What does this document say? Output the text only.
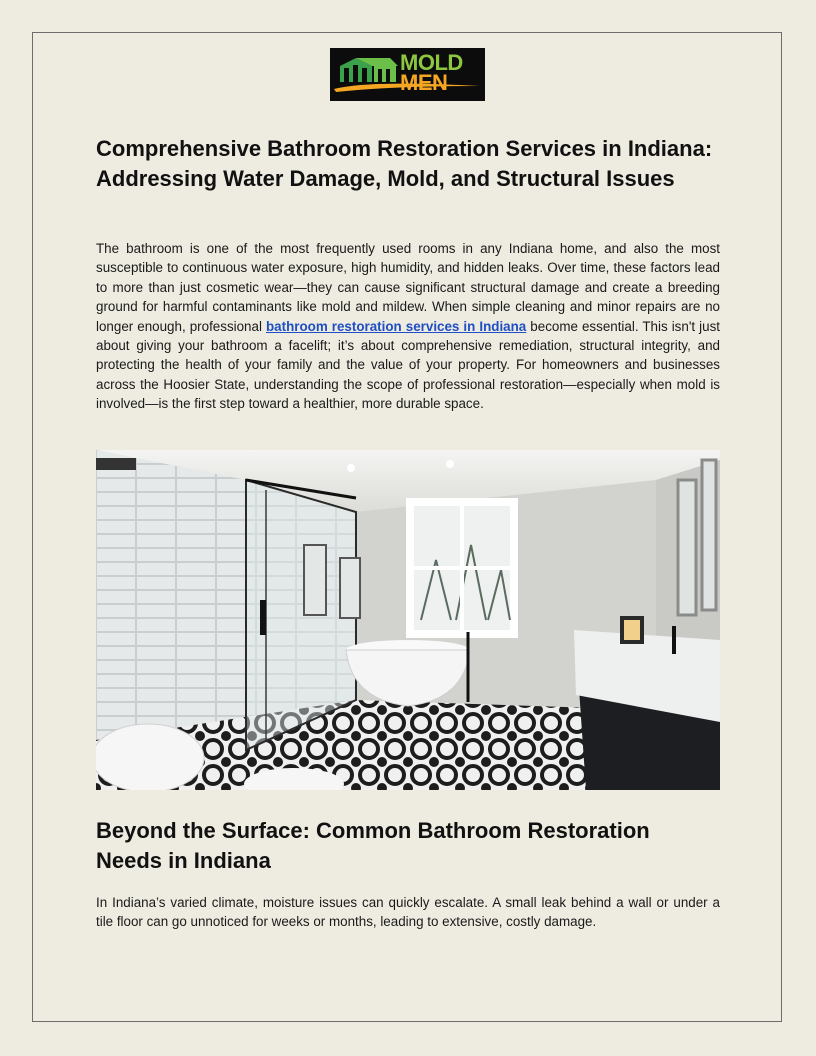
MOLD
MEN
Comprehensive Bathroom Restoration Services in Indiana: Addressing Water Damage, Mold, and Structural Issues

The bathroom is one of the most frequently used rooms in any Indiana home, and also the most susceptible to continuous water exposure, high humidity, and hidden leaks. Over time, these factors lead to more than just cosmetic wear—they can cause significant structural damage and create a breeding ground for harmful contaminants like mold and mildew. When simple cleaning and minor repairs are no longer enough, professional bathroom restoration services in Indiana become essential. This isn't just about giving your bathroom a facelift; it’s about comprehensive remediation, structural integrity, and protecting the health of your family and the value of your property. For homeowners and businesses across the Hoosier State, understanding the scope of professional restoration—especially when mold is involved—is the first step toward a healthier, more durable space.

Beyond the Surface: Common Bathroom Restoration Needs in Indiana

In Indiana’s varied climate, moisture issues can quickly escalate. A small leak behind a wall or under a tile floor can go unnoticed for weeks or months, leading to extensive, costly damage.
